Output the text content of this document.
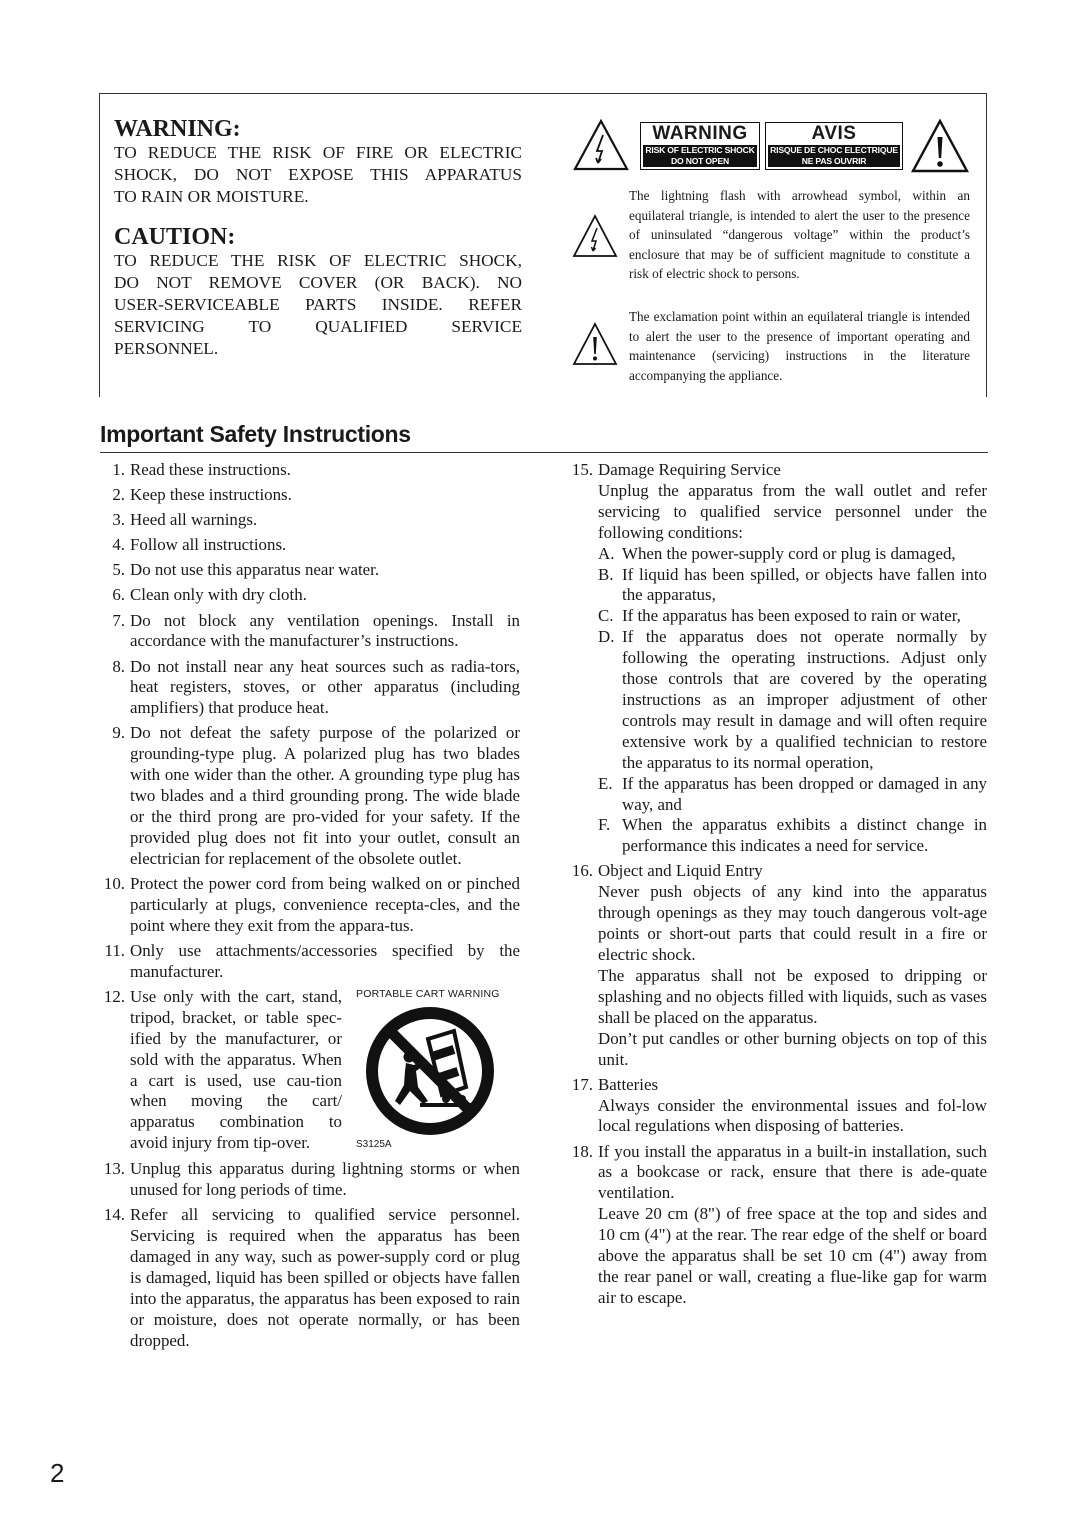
WARNING:
TO REDUCE THE RISK OF FIRE OR ELECTRIC
SHOCK, DO NOT EXPOSE THIS APPARATUS
TO RAIN OR MOISTURE.
CAUTION:
TO REDUCE THE RISK OF ELECTRIC SHOCK,
DO NOT REMOVE COVER (OR BACK). NO
USER-SERVICEABLE PARTS INSIDE. REFER
SERVICING TO QUALIFIED SERVICE
PERSONNEL.
WARNING
RISK OF ELECTRIC SHOCK
DO NOT OPEN
AVIS
RISQUE DE CHOC ELECTRIQUE
NE PAS OUVRIR
The lightning flash with arrowhead symbol, within an equilateral triangle, is intended to alert the user to the presence of uninsulated “dangerous voltage” within the product’s enclosure that may be of sufficient magnitude to constitute a risk of electric shock to persons.
The exclamation point within an equilateral triangle is intended to alert the user to the presence of important operating and maintenance (servicing) instructions in the literature accompanying the appliance.
Important Safety Instructions
1. Read these instructions.
2. Keep these instructions.
3. Heed all warnings.
4. Follow all instructions.
5. Do not use this apparatus near water.
6. Clean only with dry cloth.
7. Do not block any ventilation openings. Install in accordance with the manufacturer’s instructions.
8. Do not install near any heat sources such as radia-tors, heat registers, stoves, or other apparatus (including amplifiers) that produce heat.
9. Do not defeat the safety purpose of the polarized or grounding-type plug. A polarized plug has two blades with one wider than the other. A grounding type plug has two blades and a third grounding prong. The wide blade or the third prong are pro-vided for your safety. If the provided plug does not fit into your outlet, consult an electrician for replacement of the obsolete outlet.
10. Protect the power cord from being walked on or pinched particularly at plugs, convenience recepta-cles, and the point where they exit from the appara-tus.
11. Only use attachments/accessories specified by the manufacturer.
12. Use only with the cart, stand, tripod, bracket, or table spec-ified by the manufacturer, or sold with the apparatus. When a cart is used, use cau-tion when moving the cart/ apparatus combination to avoid injury from tip-over.
PORTABLE CART WARNING
S3125A
13. Unplug this apparatus during lightning storms or when unused for long periods of time.
14. Refer all servicing to qualified service personnel. Servicing is required when the apparatus has been damaged in any way, such as power-supply cord or plug is damaged, liquid has been spilled or objects have fallen into the apparatus, the apparatus has been exposed to rain or moisture, does not operate normally, or has been dropped.
15. Damage Requiring Service
Unplug the apparatus from the wall outlet and refer servicing to qualified service personnel under the following conditions:
A. When the power-supply cord or plug is damaged,
B. If liquid has been spilled, or objects have fallen into the apparatus,
C. If the apparatus has been exposed to rain or water,
D. If the apparatus does not operate normally by following the operating instructions. Adjust only those controls that are covered by the operating instructions as an improper adjustment of other controls may result in damage and will often require extensive work by a qualified technician to restore the apparatus to its normal operation,
E. If the apparatus has been dropped or damaged in any way, and
F. When the apparatus exhibits a distinct change in performance this indicates a need for service.
16. Object and Liquid Entry
Never push objects of any kind into the apparatus through openings as they may touch dangerous volt-age points or short-out parts that could result in a fire or electric shock.
The apparatus shall not be exposed to dripping or splashing and no objects filled with liquids, such as vases shall be placed on the apparatus.
Don’t put candles or other burning objects on top of this unit.
17. Batteries
Always consider the environmental issues and fol-low local regulations when disposing of batteries.
18. If you install the apparatus in a built-in installation, such as a bookcase or rack, ensure that there is ade-quate ventilation.
Leave 20 cm (8") of free space at the top and sides and 10 cm (4") at the rear. The rear edge of the shelf or board above the apparatus shall be set 10 cm (4") away from the rear panel or wall, creating a flue-like gap for warm air to escape.
2
